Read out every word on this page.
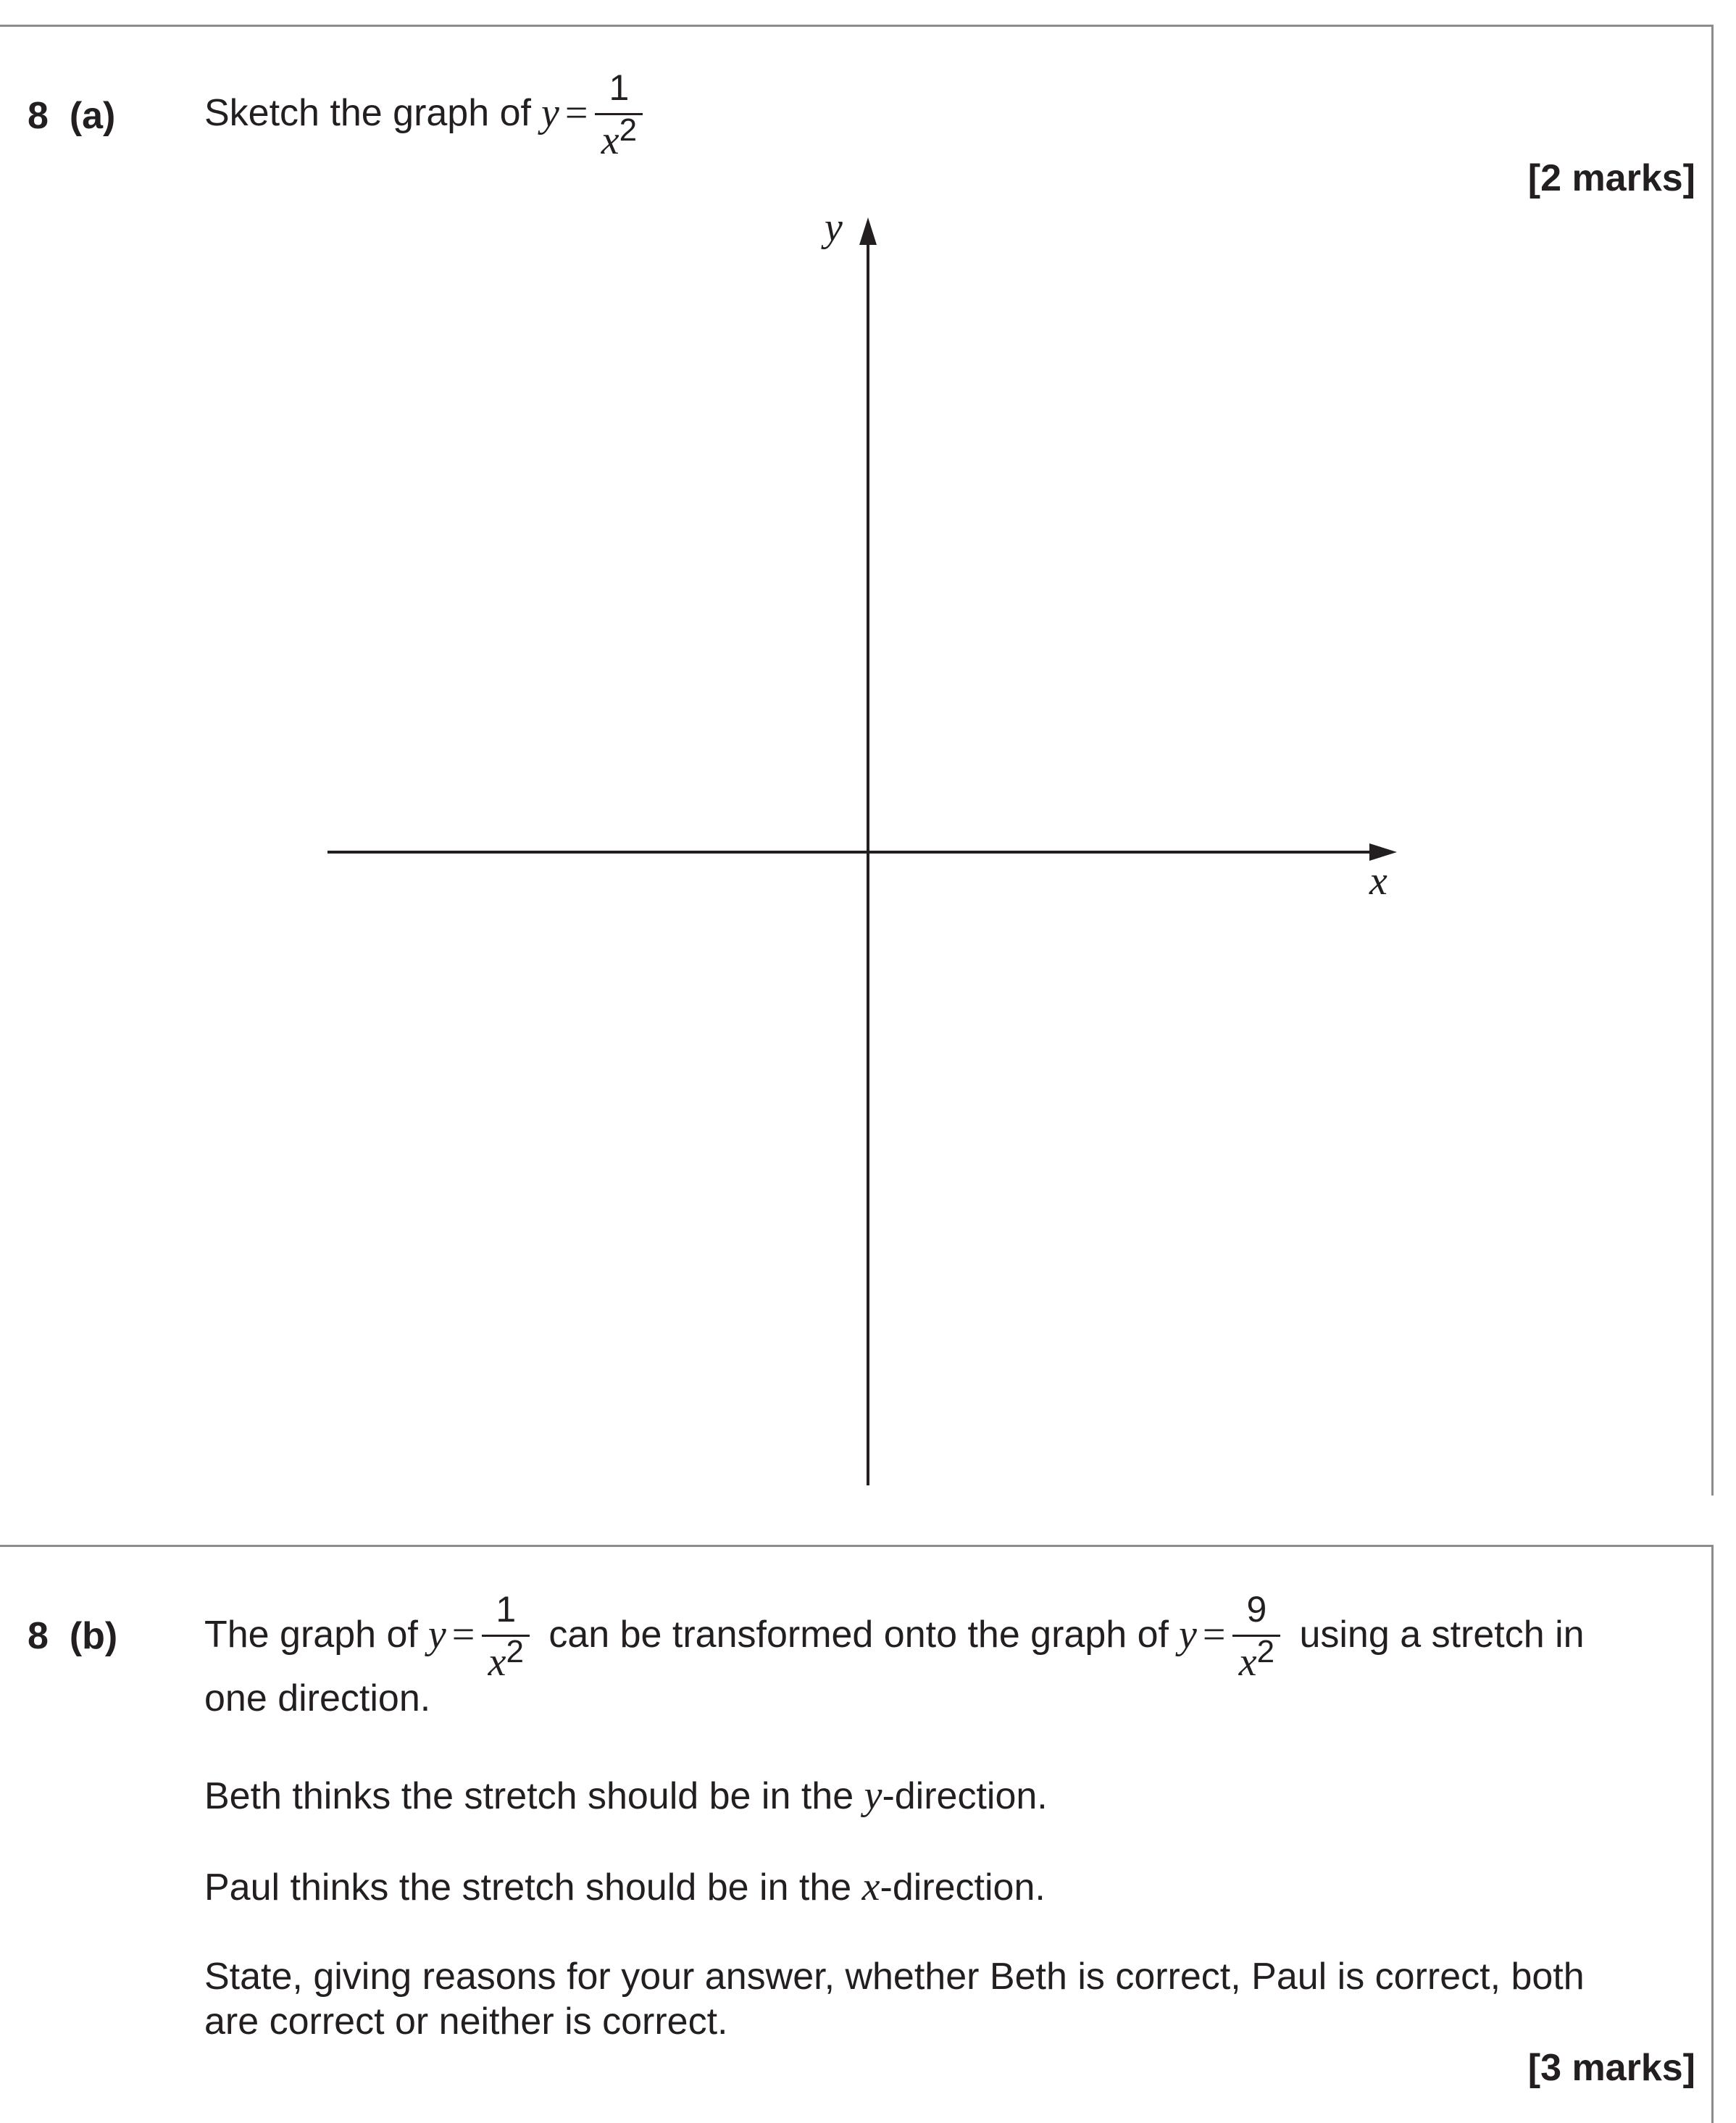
8  (a) Sketch the graph of $y = \frac{1}{x^2}$
[2 marks]
y
x
8  (b) The graph of $y = \frac{1}{x^2}$ can be transformed onto the graph of $y = \frac{9}{x^2}$ using a stretch in
one direction.
Beth thinks the stretch should be in the y-direction.
Paul thinks the stretch should be in the x-direction.
State, giving reasons for your answer, whether Beth is correct, Paul is correct, both
are correct or neither is correct.
[3 marks]
